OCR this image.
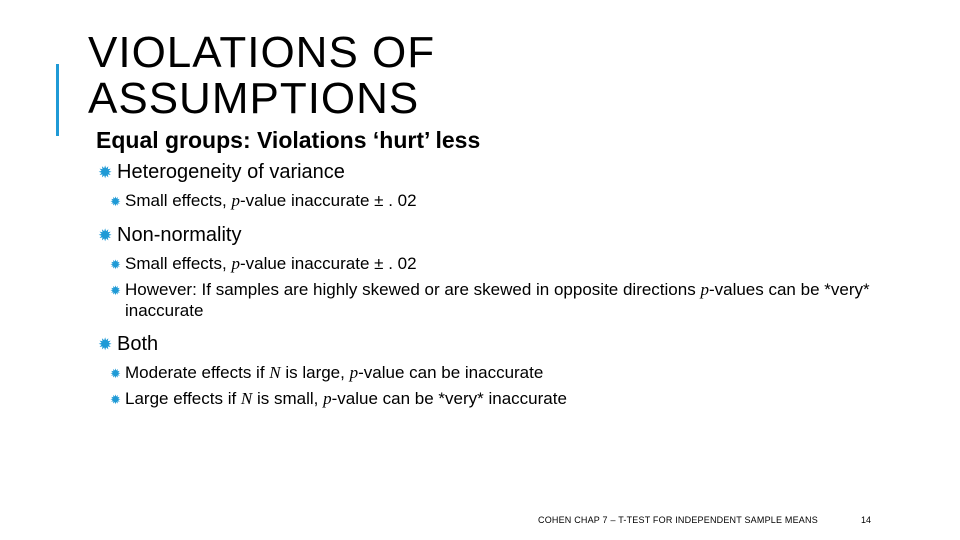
VIOLATIONS OF
ASSUMPTIONS
Equal groups: Violations ‘hurt’ less
✹ Heterogeneity of variance
✹ Small effects, p-value inaccurate ± . 02
✹ Non-normality
✹ Small effects, p-value inaccurate ± . 02
✹ However: If samples are highly skewed or are skewed in opposite directions p-values can be *very* inaccurate
✹ Both
✹ Moderate effects if N is large, p-value can be inaccurate
✹ Large effects if N is small, p-value can be *very* inaccurate
COHEN CHAP 7 – T-TEST FOR INDEPENDENT SAMPLE MEANS	14
